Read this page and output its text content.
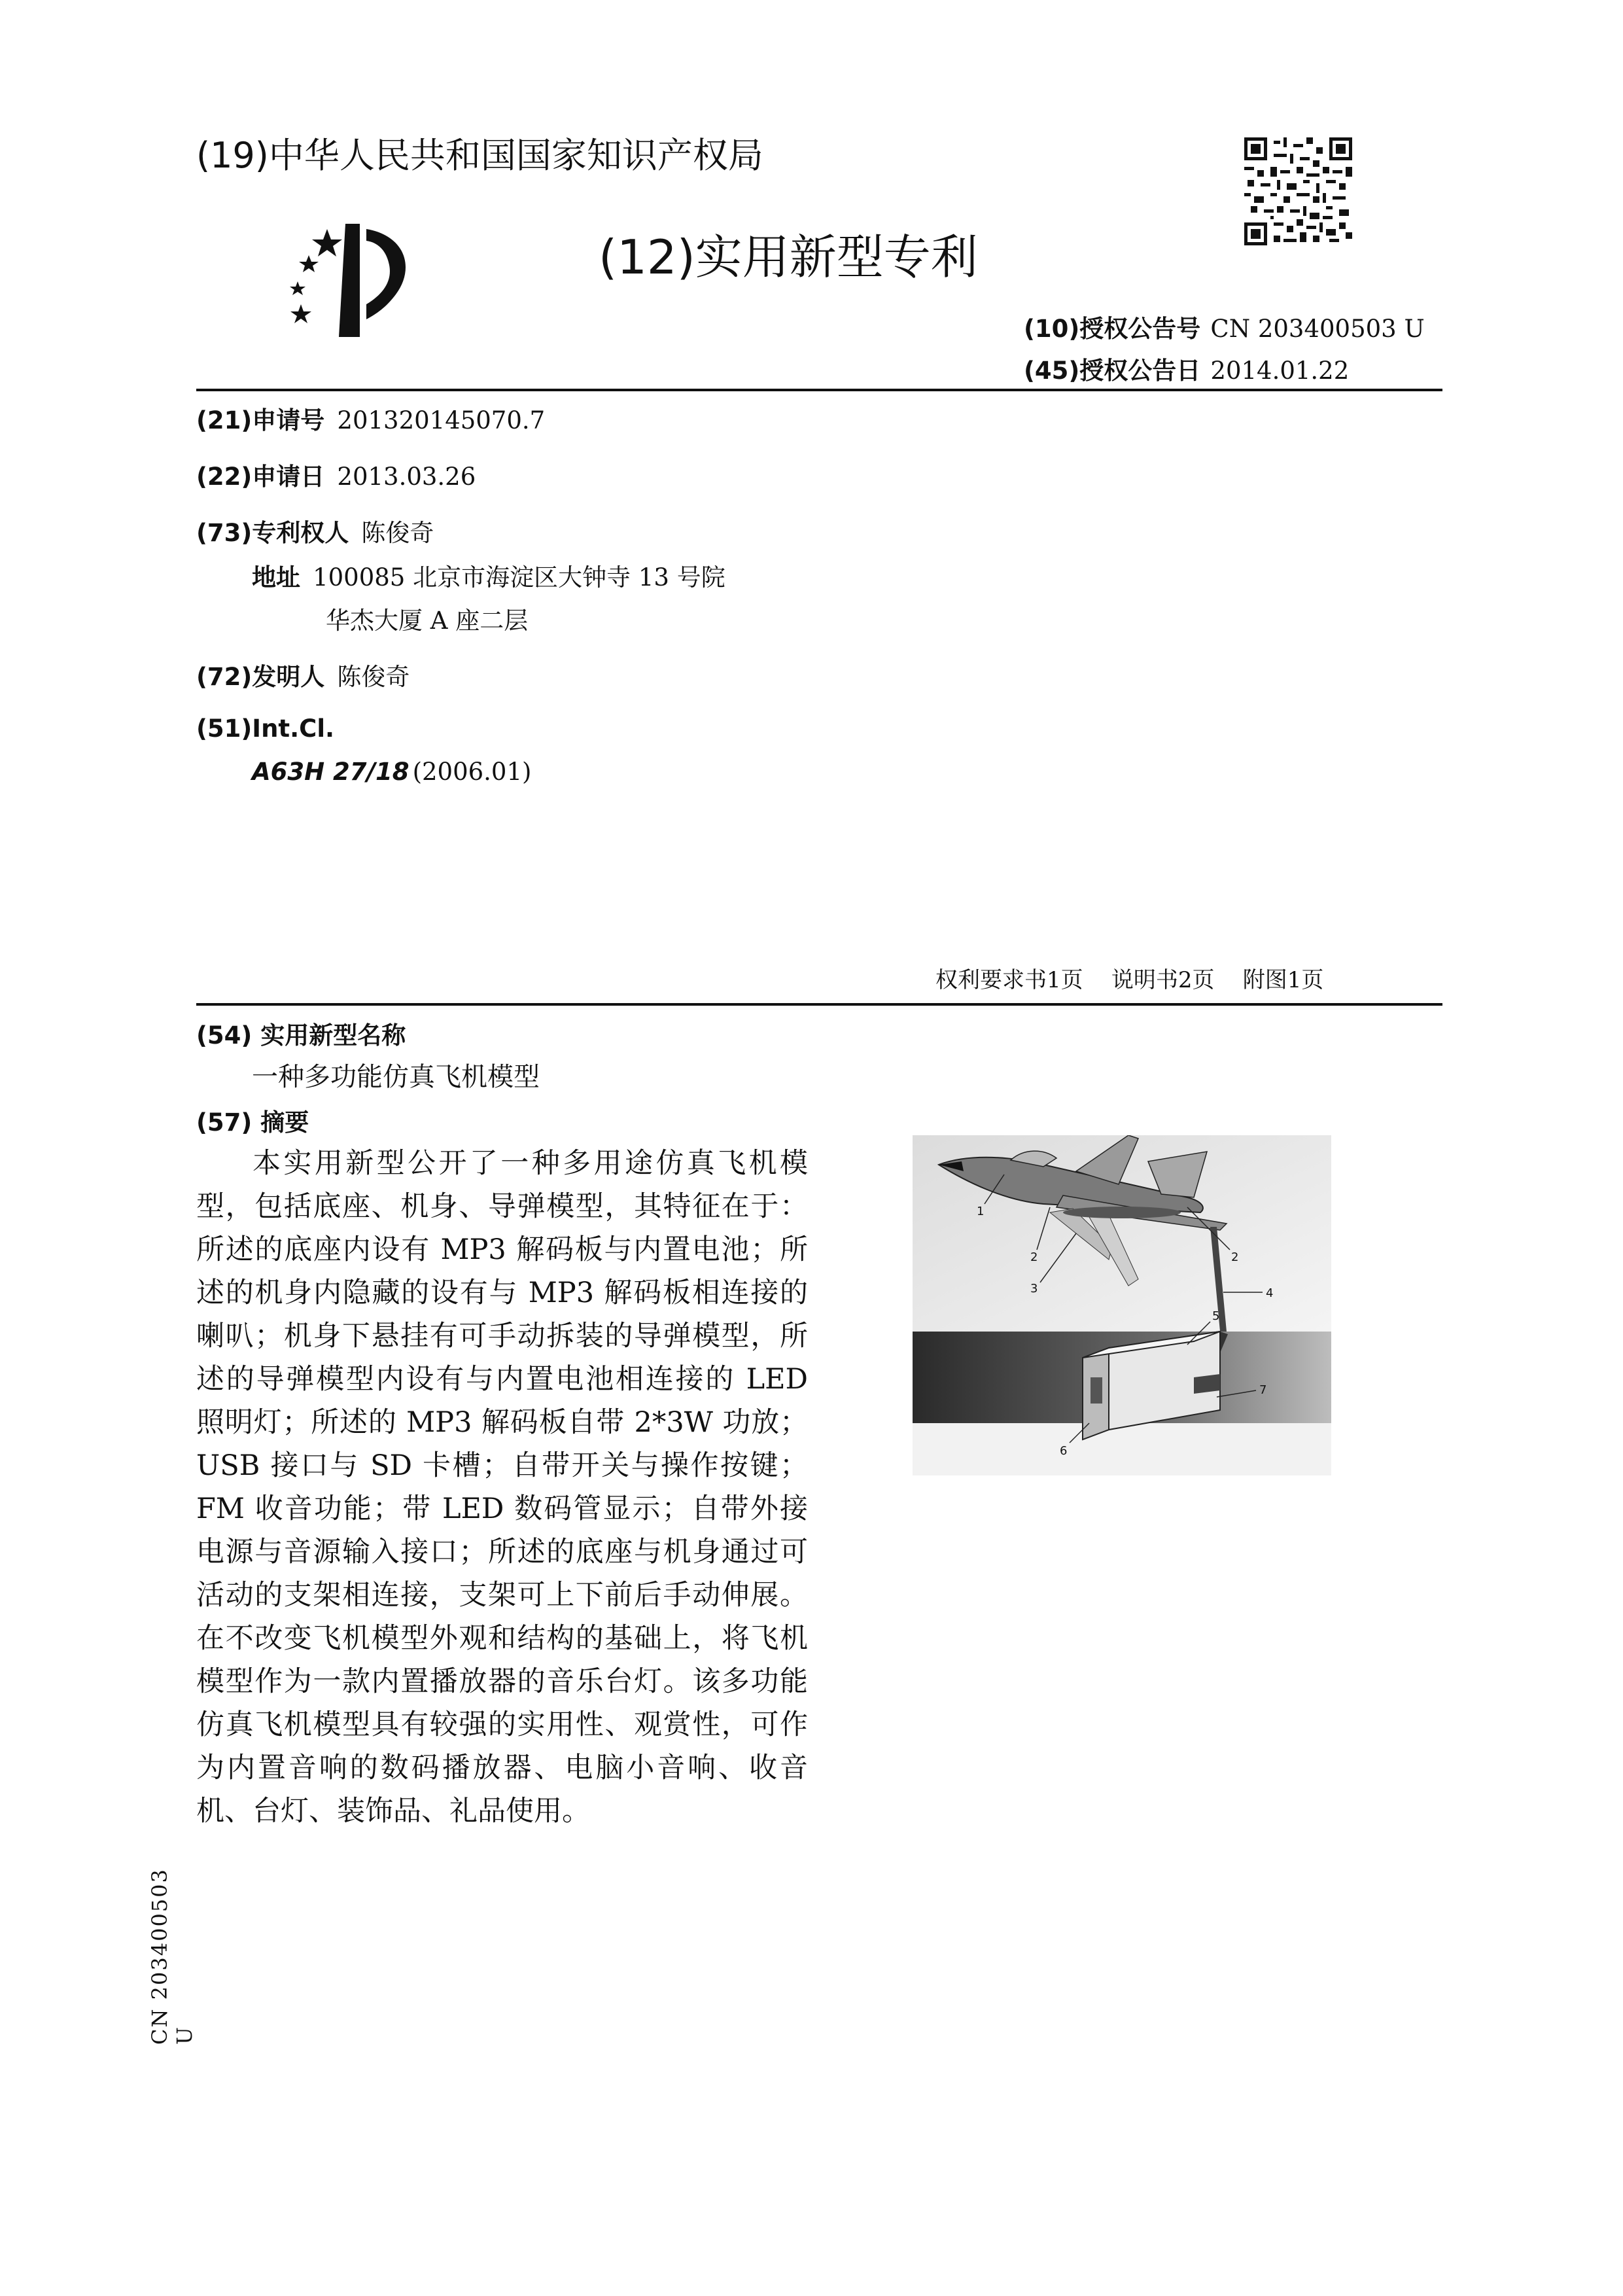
(19)中华人民共和国国家知识产权局
(12)实用新型专利
(10)授权公告号 CN 203400503 U
(45)授权公告日 2014.01.22
(21)申请号 201320145070.7
(22)申请日 2013.03.26
(73)专利权人 陈俊奇
地址 100085 北京市海淀区大钟寺 13 号院
华杰大厦 A 座二层
(72)发明人 陈俊奇
(51)Int.Cl.
A63H 27/18 (2006.01)
权利要求书1页    说明书2页    附图1页
(54) 实用新型名称
一种多功能仿真飞机模型
(57) 摘要
本实用新型公开了一种多用途仿真飞机模型，包括底座、机身、导弹模型，其特征在于：所述的底座内设有 MP3 解码板与内置电池；所述的机身内隐藏的设有与 MP3 解码板相连接的喇叭；机身下悬挂有可手动拆装的导弹模型，所述的导弹模型内设有与内置电池相连接的 LED 照明灯；所述的 MP3 解码板自带 2*3W 功放；USB 接口与 SD 卡槽；自带开关与操作按键；FM 收音功能；带 LED 数码管显示；自带外接电源与音源输入接口；所述的底座与机身通过可活动的支架相连接，支架可上下前后手动伸展。在不改变飞机模型外观和结构的基础上，将飞机模型作为一款内置播放器的音乐台灯。该多功能仿真飞机模型具有较强的实用性、观赏性，可作为内置音响的数码播放器、电脑小音响、收音机、台灯、装饰品、礼品使用。
1
2	2
3	4
5
6
7
CN 203400503 U
